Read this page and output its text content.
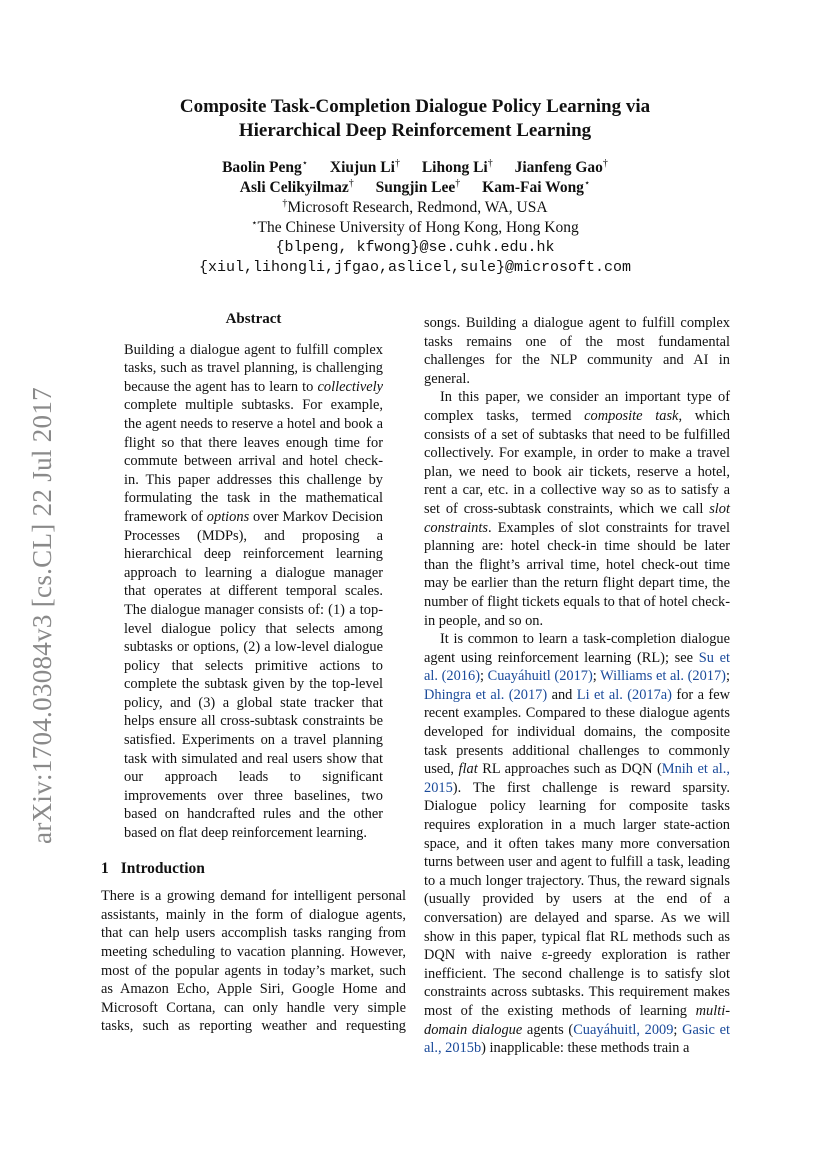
arXiv:1704.03084v3 [cs.CL] 22 Jul 2017
Composite Task-Completion Dialogue Policy Learning via
Hierarchical Deep Reinforcement Learning
Baolin Peng⋆ Xiujun Li† Lihong Li† Jianfeng Gao†
Asli Celikyilmaz† Sungjin Lee† Kam-Fai Wong⋆
†Microsoft Research, Redmond, WA, USA
⋆The Chinese University of Hong Kong, Hong Kong
{blpeng, kfwong}@se.cuhk.edu.hk
{xiul,lihongli,jfgao,aslicel,sule}@microsoft.com
Abstract

Building a dialogue agent to fulfill complex tasks, such as travel planning, is challenging because the agent has to learn to collectively complete multiple subtasks. For example, the agent needs to reserve a hotel and book a flight so that there leaves enough time for commute between arrival and hotel check-in. This paper addresses this challenge by formulating the task in the mathematical framework of options over Markov Decision Processes (MDPs), and proposing a hierarchical deep reinforcement learning approach to learning a dialogue manager that operates at different temporal scales. The dialogue manager consists of: (1) a top-level dialogue policy that selects among subtasks or options, (2) a low-level dialogue policy that selects primitive actions to complete the subtask given by the top-level policy, and (3) a global state tracker that helps ensure all cross-subtask constraints be satisfied. Experiments on a travel planning task with simulated and real users show that our approach leads to significant improvements over three baselines, two based on handcrafted rules and the other based on flat deep reinforcement learning.

1 Introduction

There is a growing demand for intelligent personal assistants, mainly in the form of dialogue agents, that can help users accomplish tasks ranging from meeting scheduling to vacation planning. However, most of the popular agents in today’s market, such as Amazon Echo, Apple Siri, Google Home and Microsoft Cortana, can only handle very simple tasks, such as reporting weather and requesting

songs. Building a dialogue agent to fulfill complex tasks remains one of the most fundamental challenges for the NLP community and AI in general.

In this paper, we consider an important type of complex tasks, termed composite task, which consists of a set of subtasks that need to be fulfilled collectively. For example, in order to make a travel plan, we need to book air tickets, reserve a hotel, rent a car, etc. in a collective way so as to satisfy a set of cross-subtask constraints, which we call slot constraints. Examples of slot constraints for travel planning are: hotel check-in time should be later than the flight’s arrival time, hotel check-out time may be earlier than the return flight depart time, the number of flight tickets equals to that of hotel check-in people, and so on.

It is common to learn a task-completion dialogue agent using reinforcement learning (RL); see Su et al. (2016); Cuayáhuitl (2017); Williams et al. (2017); Dhingra et al. (2017) and Li et al. (2017a) for a few recent examples. Compared to these dialogue agents developed for individual domains, the composite task presents additional challenges to commonly used, flat RL approaches such as DQN (Mnih et al., 2015). The first challenge is reward sparsity. Dialogue policy learning for composite tasks requires exploration in a much larger state-action space, and it often takes many more conversation turns between user and agent to fulfill a task, leading to a much longer trajectory. Thus, the reward signals (usually provided by users at the end of a conversation) are delayed and sparse. As we will show in this paper, typical flat RL methods such as DQN with naive ε-greedy exploration is rather inefficient. The second challenge is to satisfy slot constraints across subtasks. This requirement makes most of the existing methods of learning multi-domain dialogue agents (Cuayáhuitl, 2009; Gasic et al., 2015b) inapplicable: these methods train a
